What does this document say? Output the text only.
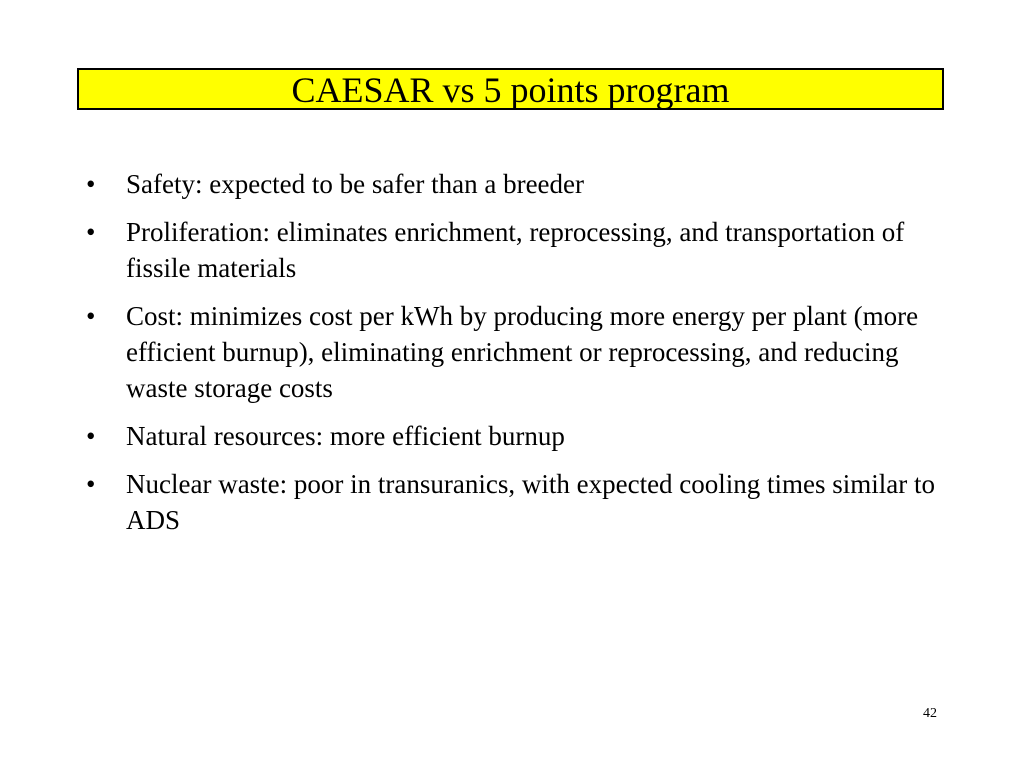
CAESAR vs 5 points program
•	Safety: expected to be safer than a breeder
•	Proliferation: eliminates enrichment, reprocessing, and transportation of fissile materials
•	Cost: minimizes cost per kWh by producing more energy per plant (more efficient burnup), eliminating enrichment or reprocessing, and reducing waste storage costs
•	Natural resources: more efficient burnup
•	Nuclear waste: poor in transuranics, with expected cooling times similar to ADS
42
